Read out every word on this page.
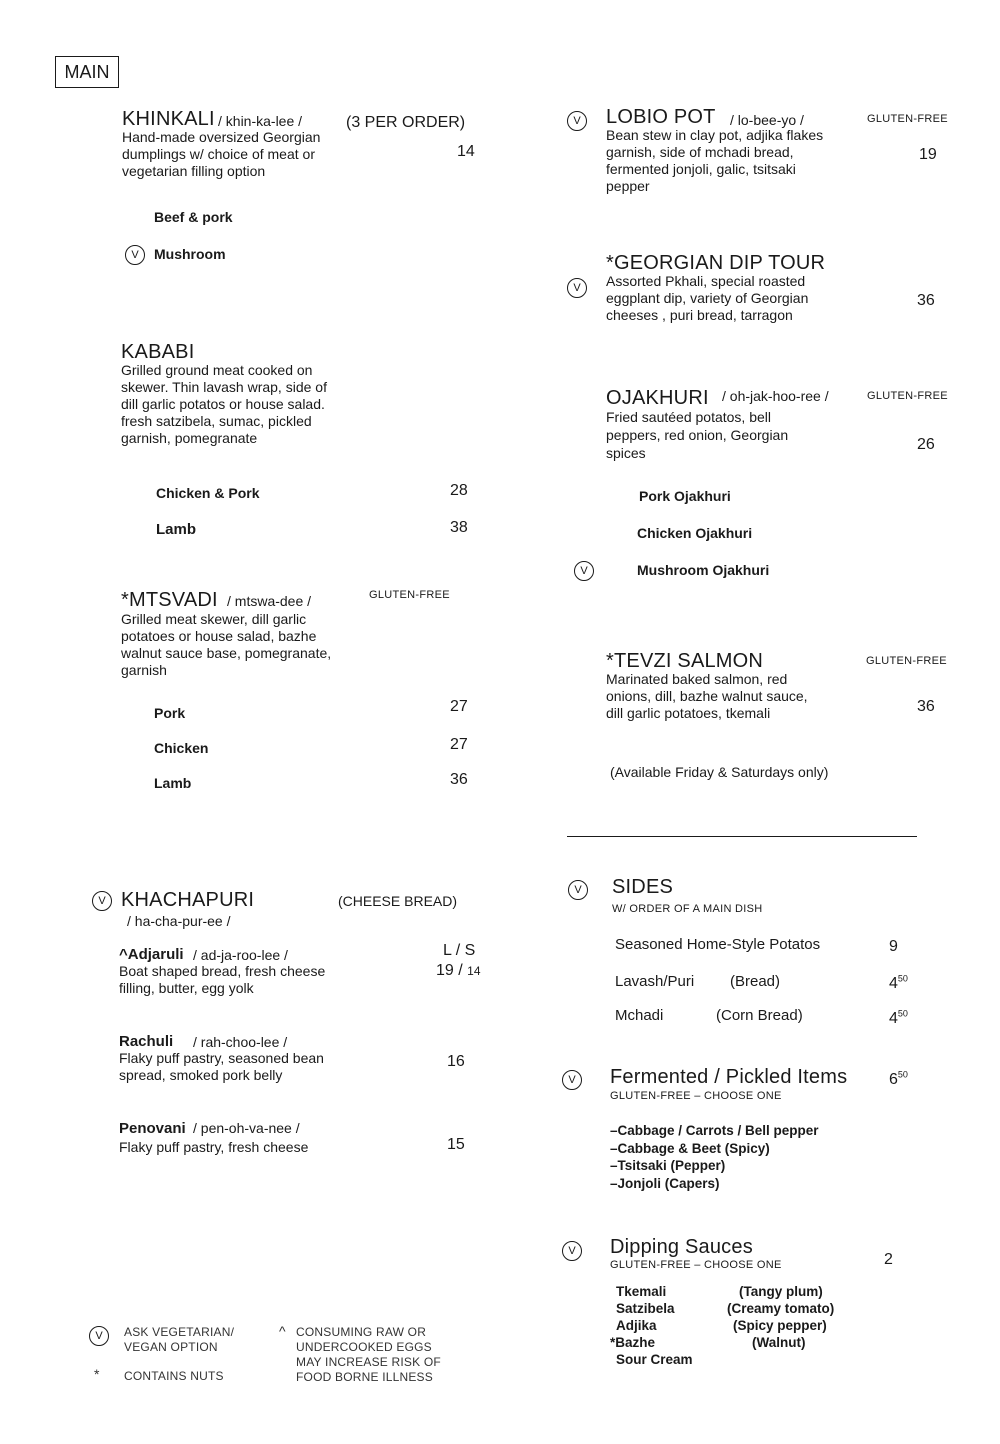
MAIN
KHINKALI / khin-ka-lee /	(3 PER ORDER)
Hand-made oversized Georgian dumplings w/ choice of meat or vegetarian filling option
14
Beef & pork
V	Mushroom
KABABI
Grilled ground meat cooked on skewer. Thin lavash wrap, side of dill garlic potatos or house salad. fresh satzibela, sumac, pickled garnish, pomegranate
Chicken & Pork	28
Lamb	38
*MTSVADI / mtswa-dee /	GLUTEN-FREE
Grilled meat skewer, dill garlic potatoes or house salad, bazhe walnut sauce base, pomegranate, garnish
Pork	27
Chicken	27
Lamb	36
V KHACHAPURI	(CHEESE BREAD)
/ ha-cha-pur-ee /
^Adjaruli / ad-ja-roo-lee /
Boat shaped bread, fresh cheese filling, butter, egg yolk
L / S
19 / 14
Rachuli / rah-choo-lee /
Flaky puff pastry, seasoned bean spread, smoked pork belly
16
Penovani / pen-oh-va-nee /
Flaky puff pastry, fresh cheese	15
V	LOBIO POT / lo-bee-yo /	GLUTEN-FREE
Bean stew in clay pot, adjika flakes garnish, side of mchadi bread, fermented jonjoli, galic, tsitsaki pepper
19
*GEORGIAN DIP TOUR
V	Assorted Pkhali, special roasted eggplant dip, variety of Georgian cheeses , puri bread, tarragon
36
OJAKHURI / oh-jak-hoo-ree /	GLUTEN-FREE
Fried sautéed potatos, bell peppers, red onion, Georgian spices	26
Pork Ojakhuri
Chicken Ojakhuri
V	Mushroom Ojakhuri
*TEVZI SALMON	GLUTEN-FREE
Marinated baked salmon, red onions, dill, bazhe walnut sauce, dill garlic potatoes, tkemali	36
(Available Friday & Saturdays only)
V	SIDES
W/ ORDER OF A MAIN DISH
Seasoned Home-Style Potatos	9
Lavash/Puri (Bread)	$4^{50}$
Mchadi	(Corn Bread)	$4^{50}$
V	Fermented / Pickled Items	$6^{50}$
GLUTEN-FREE – CHOOSE ONE
–Cabbage / Carrots / Bell pepper
–Cabbage & Beet (Spicy)
–Tsitsaki (Pepper)
–Jonjoli (Capers)
V	Dipping Sauces
GLUTEN-FREE – CHOOSE ONE	2
Tkemali	(Tangy plum)
Satzibela	(Creamy tomato)
Adjika	(Spicy pepper)
*Bazhe	(Walnut)
Sour Cream
V	ASK VEGETARIAN/ VEGAN OPTION
* CONTAINS NUTS
^ CONSUMING RAW OR UNDERCOOKED EGGS MAY INCREASE RISK OF FOOD BORNE ILLNESS
